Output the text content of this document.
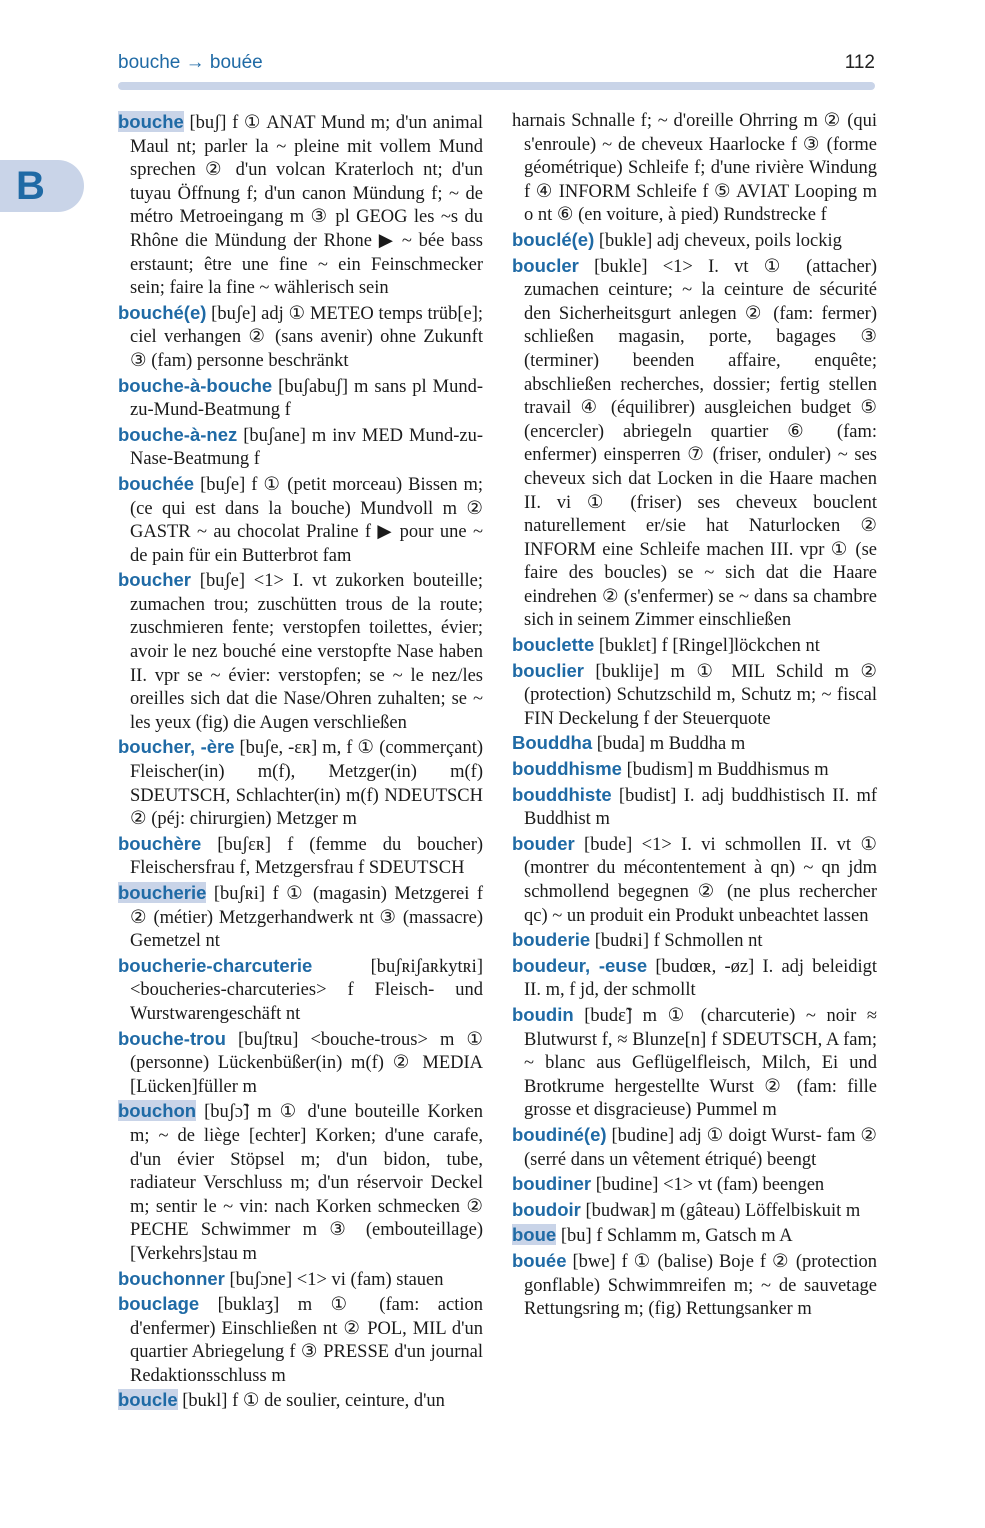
bouche → bouée	112
B

bouche [buʃ] f ① ANAT Mund m; d'un animal Maul nt; parler la ~ pleine mit vollem Mund sprechen ② d'un volcan Kraterloch nt; d'un tuyau Öffnung f; d'un canon Mündung f; ~ de métro Metroeingang m ③ pl GEOG les ~s du Rhône die Mündung der Rhone ▶ ~ bée bass erstaunt; être une fine ~ ein Feinschmecker sein; faire la fine ~ wählerisch sein

bouché(e) [buʃe] adj ① METEO temps trüb[e]; ciel verhangen ② (sans avenir) ohne Zukunft ③ (fam) personne beschränkt

bouche-à-bouche [buʃabuʃ] m sans pl Mund-zu-Mund-Beatmung f

bouche-à-nez [buʃane] m inv MED Mund-zu-Nase-Beatmung f

bouchée [buʃe] f ① (petit morceau) Bissen m; (ce qui est dans la bouche) Mundvoll m ② GASTR ~ au chocolat Praline f ▶ pour une ~ de pain für ein Butterbrot fam

boucher [buʃe] <1> I. vt zukorken bouteille; zumachen trou; zuschütten trous de la route; zuschmieren fente; verstopfen toilettes, évier; avoir le nez bouché eine verstopfte Nase haben II. vpr se ~ évier: verstopfen; se ~ le nez/les oreilles sich dat die Nase/Ohren zuhalten; se ~ les yeux (fig) die Augen verschließen

boucher, -ère [buʃe, -ɛʀ] m, f ① (commerçant) Fleischer(in) m(f), Metzger(in) m(f) SDEUTSCH, Schlachter(in) m(f) NDEUTSCH ② (péj: chirurgien) Metzger m

bouchère [buʃɛʀ] f (femme du boucher) Fleischersfrau f, Metzgersfrau f SDEUTSCH

boucherie [buʃʀi] f ① (magasin) Metzgerei f ② (métier) Metzgerhandwerk nt ③ (massacre) Gemetzel nt

boucherie-charcuterie	[buʃʀiʃaʀkytʀi] <boucheries-charcuteries> f Fleisch- und Wurstwarengeschäft nt

bouche-trou [buʃtʀu] <bouche-trous> m ① (personne) Lückenbüßer(in) m(f) ② MEDIA [Lücken]füller m

bouchon [buʃɔ̃] m ① d'une bouteille Korken m; ~ de liège [echter] Korken; d'une carafe, d'un évier Stöpsel m; d'un bidon, tube, radiateur Verschluss m; d'un réservoir Deckel m; sentir le ~ vin: nach Korken schmecken ② PECHE Schwimmer m ③ (embouteillage) [Verkehrs]stau m

bouchonner [buʃɔne] <1> vi (fam) stauen

bouclage [buklaʒ] m ① (fam: action d'enfermer) Einschließen nt ② POL, MIL d'un quartier Abriegelung f ③ PRESSE d'un journal Redaktionsschluss m

boucle [bukl] f ① de soulier, ceinture, d'un

harnais Schnalle f; ~ d'oreille Ohrring m ② (qui s'enroule) ~ de cheveux Haarlocke f ③ (forme géométrique) Schleife f; d'une rivière Windung f ④ INFORM Schleife f ⑤ AVIAT Looping m o nt ⑥ (en voiture, à pied) Rundstrecke f

bouclé(e) [bukle] adj cheveux, poils lockig

boucler [bukle] <1> I. vt ① (attacher) zumachen ceinture; ~ la ceinture de sécurité den Sicherheitsgurt anlegen ② (fam: fermer) schließen magasin, porte, bagages ③ (terminer) beenden affaire, enquête; abschließen recherches, dossier; fertig stellen travail ④ (équilibrer) ausgleichen budget ⑤ (encercler) abriegeln quartier ⑥ (fam: enfermer) einsperren ⑦ (friser, onduler) ~ ses cheveux sich dat Locken in die Haare machen II. vi ① (friser) ses cheveux bouclent naturellement er/sie hat Naturlocken ② INFORM eine Schleife machen III. vpr ① (se faire des boucles) se ~ sich dat die Haare eindrehen ② (s'enfermer) se ~ dans sa chambre sich in seinem Zimmer einschließen

bouclette [buklɛt] f [Ringel]löckchen nt

bouclier [buklije] m ① MIL Schild m ② (protection) Schutzschild m, Schutz m; ~ fiscal FIN Deckelung f der Steuerquote

Bouddha [buda] m Buddha m

bouddhisme [budism] m Buddhismus m

bouddhiste [budist] I. adj buddhistisch II. mf Buddhist m

bouder [bude] <1> I. vi schmollen II. vt ① (montrer du mécontentement à qn) ~ qn jdm schmollend begegnen ② (ne plus rechercher qc) ~ un produit ein Produkt unbeachtet lassen

bouderie [budʀi] f Schmollen nt

boudeur, -euse [budœʀ, -øz] I. adj beleidigt II. m, f jd, der schmollt

boudin [budɛ̃] m ① (charcuterie) ~ noir ≈ Blutwurst f, ≈ Blunze[n] f SDEUTSCH, A fam; ~ blanc aus Geflügelfleisch, Milch, Ei und Brotkrume hergestellte Wurst ② (fam: fille grosse et disgracieuse) Pummel m

boudiné(e) [budine] adj ① doigt Wurst- fam ② (serré dans un vêtement étriqué) beengt

boudiner [budine] <1> vt (fam) beengen

boudoir [budwaʀ] m (gâteau) Löffelbiskuit m

boue [bu] f Schlamm m, Gatsch m A

bouée [bwe] f ① (balise) Boje f ② (protection gonflable) Schwimmreifen m; ~ de sauvetage Rettungsring m; (fig) Rettungsanker m
